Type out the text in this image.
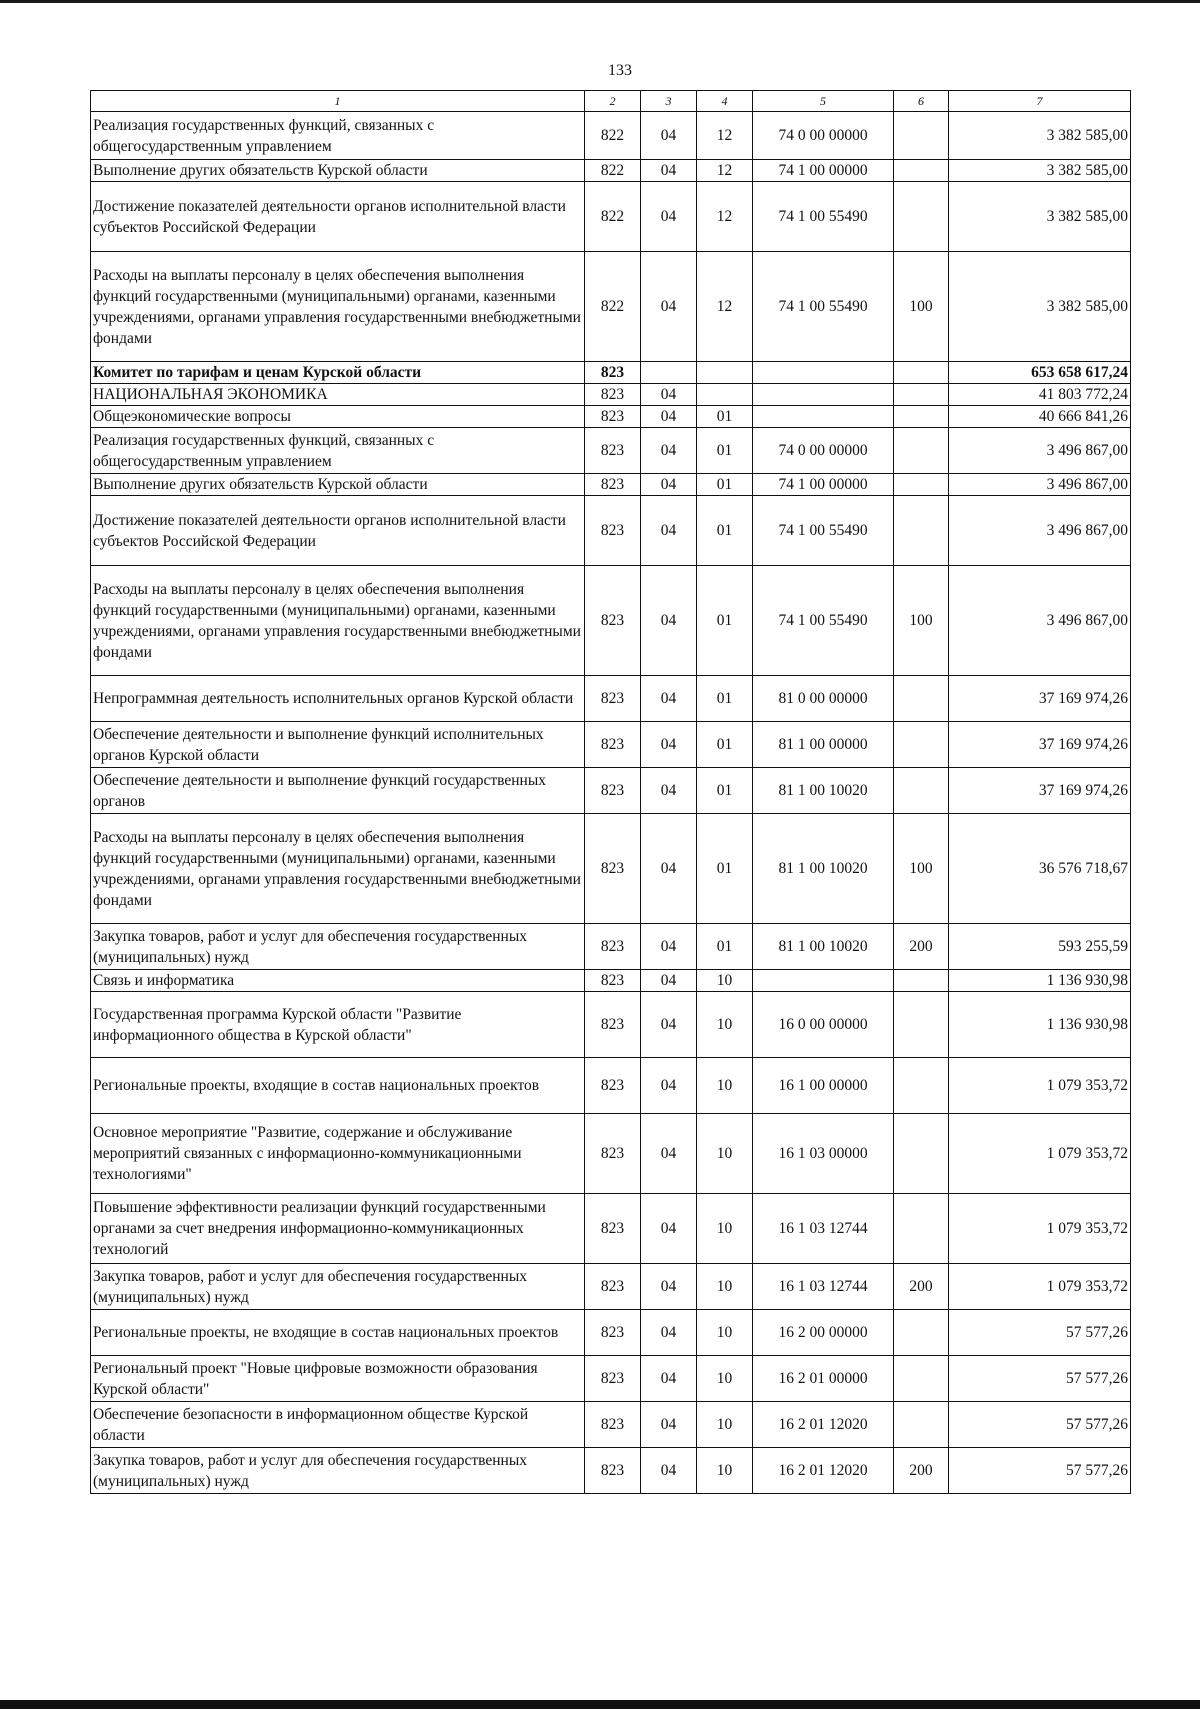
133
1	2	3	4	5	6	7
Реализация государственных функций, связанных с общегосударственным управлением	822	04	12	74 0 00 00000		3 382 585,00
Выполнение других обязательств Курской области	822	04	12	74 1 00 00000		3 382 585,00
Достижение показателей деятельности органов исполнительной власти субъектов Российской Федерации	822	04	12	74 1 00 55490		3 382 585,00
Расходы на выплаты персоналу в целях обеспечения выполнения функций государственными (муниципальными) органами, казенными учреждениями, органами управления государственными внебюджетными фондами	822	04	12	74 1 00 55490	100	3 382 585,00
Комитет по тарифам и ценам Курской области	823					653 658 617,24
НАЦИОНАЛЬНАЯ ЭКОНОМИКА	823	04				41 803 772,24
Общеэкономические вопросы	823	04	01			40 666 841,26
Реализация государственных функций, связанных с общегосударственным управлением	823	04	01	74 0 00 00000		3 496 867,00
Выполнение других обязательств Курской области	823	04	01	74 1 00 00000		3 496 867,00
Достижение показателей деятельности органов исполнительной власти субъектов Российской Федерации	823	04	01	74 1 00 55490		3 496 867,00
Расходы на выплаты персоналу в целях обеспечения выполнения функций государственными (муниципальными) органами, казенными учреждениями, органами управления государственными внебюджетными фондами	823	04	01	74 1 00 55490	100	3 496 867,00
Непрограммная деятельность исполнительных органов Курской области	823	04	01	81 0 00 00000		37 169 974,26
Обеспечение деятельности и выполнение функций исполнительных органов Курской области	823	04	01	81 1 00 00000		37 169 974,26
Обеспечение деятельности и выполнение функций государственных органов	823	04	01	81 1 00 10020		37 169 974,26
Расходы на выплаты персоналу в целях обеспечения выполнения функций государственными (муниципальными) органами, казенными учреждениями, органами управления государственными внебюджетными фондами	823	04	01	81 1 00 10020	100	36 576 718,67
Закупка товаров, работ и услуг для обеспечения государственных (муниципальных) нужд	823	04	01	81 1 00 10020	200	593 255,59
Связь и информатика	823	04	10			1 136 930,98
Государственная программа Курской области "Развитие информационного общества в Курской области"	823	04	10	16 0 00 00000		1 136 930,98
Региональные проекты, входящие в состав национальных проектов	823	04	10	16 1 00 00000		1 079 353,72
Основное мероприятие "Развитие, содержание и обслуживание мероприятий связанных с информационно-коммуникационными технологиями"	823	04	10	16 1 03 00000		1 079 353,72
Повышение эффективности реализации функций государственными органами за счет внедрения информационно-коммуникационных технологий	823	04	10	16 1 03 12744		1 079 353,72
Закупка товаров, работ и услуг для обеспечения государственных (муниципальных) нужд	823	04	10	16 1 03 12744	200	1 079 353,72
Региональные проекты, не входящие в состав национальных проектов	823	04	10	16 2 00 00000		57 577,26
Региональный проект "Новые цифровые возможности образования Курской области"	823	04	10	16 2 01 00000		57 577,26
Обеспечение безопасности в информационном обществе Курской области	823	04	10	16 2 01 12020		57 577,26
Закупка товаров, работ и услуг для обеспечения государственных (муниципальных) нужд	823	04	10	16 2 01 12020	200	57 577,26
